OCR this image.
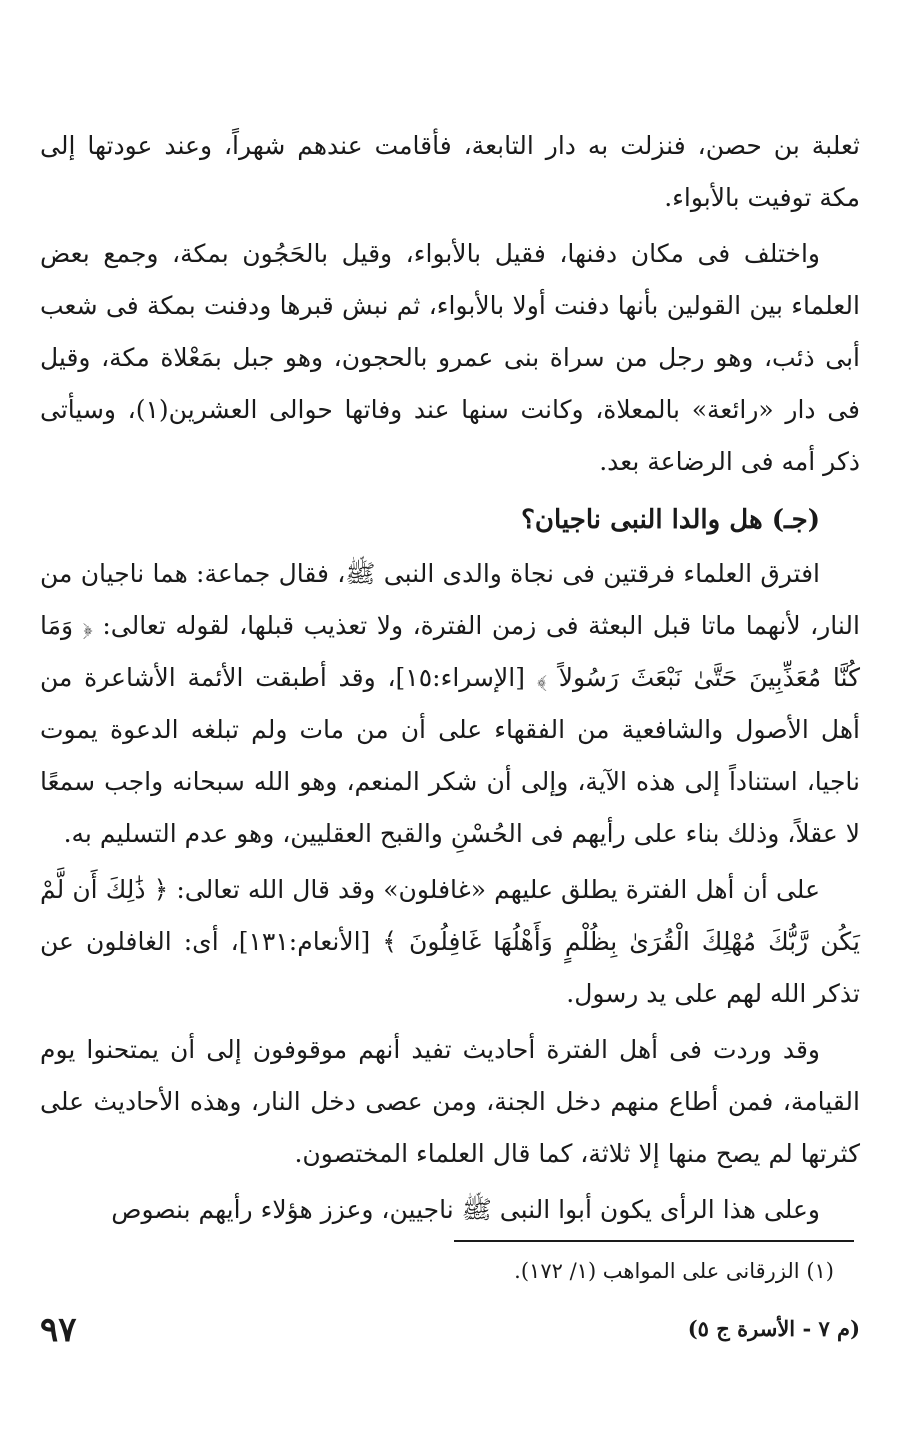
ثعلبة بن حصن، فنزلت به دار التابعة، فأقامت عندهم شهراً، وعند عودتها إلى مكة توفيت بالأبواء.

واختلف فى مكان دفنها، فقيل بالأبواء، وقيل بالحَجُون بمكة، وجمع بعض العلماء بين القولين بأنها دفنت أولا بالأبواء، ثم نبش قبرها ودفنت بمكة فى شعب أبى ذئب، وهو رجل من سراة بنى عمرو بالحجون، وهو جبل بمَعْلاة مكة، وقيل فى دار «رائعة» بالمعلاة، وكانت سنها عند وفاتها حوالى العشرين(١)، وسيأتى ذكر أمه فى الرضاعة بعد.

(جـ) هل والدا النبى ناجيان؟

افترق العلماء فرقتين فى نجاة والدى النبى ﷺ، فقال جماعة: هما ناجيان من النار، لأنهما ماتا قبل البعثة فى زمن الفترة، ولا تعذيب قبلها، لقوله تعالى: ﴿ وَمَا كُنَّا مُعَذِّبِينَ حَتَّىٰ نَبْعَثَ رَسُولاً ﴾ [الإسراء:١٥]، وقد أطبقت الأئمة الأشاعرة من أهل الأصول والشافعية من الفقهاء على أن من مات ولم تبلغه الدعوة يموت ناجيا، استناداً إلى هذه الآية، وإلى أن شكر المنعم، وهو الله سبحانه واجب سمعًا لا عقلاً، وذلك بناء على رأيهم فى الحُسْنِ والقبح العقليين، وهو عدم التسليم به.

على أن أهل الفترة يطلق عليهم «غافلون» وقد قال الله تعالى: ﴿ ذَٰلِكَ أَن لَّمْ يَكُن رَّبُّكَ مُهْلِكَ الْقُرَىٰ بِظُلْمٍ وَأَهْلُهَا غَافِلُونَ ﴾ [الأنعام:١٣١]، أى: الغافلون عن تذكر الله لهم على يد رسول.

وقد وردت فى أهل الفترة أحاديث تفيد أنهم موقوفون إلى أن يمتحنوا يوم القيامة، فمن أطاع منهم دخل الجنة، ومن عصى دخل النار، وهذه الأحاديث على كثرتها لم يصح منها إلا ثلاثة، كما قال العلماء المختصون.

وعلى هذا الرأى يكون أبوا النبى ﷺ ناجيين، وعزز هؤلاء رأيهم بنصوص

(١) الزرقانى على المواهب (١/ ١٧٢).
٩٧	(م ٧ - الأسرة ج ٥)
